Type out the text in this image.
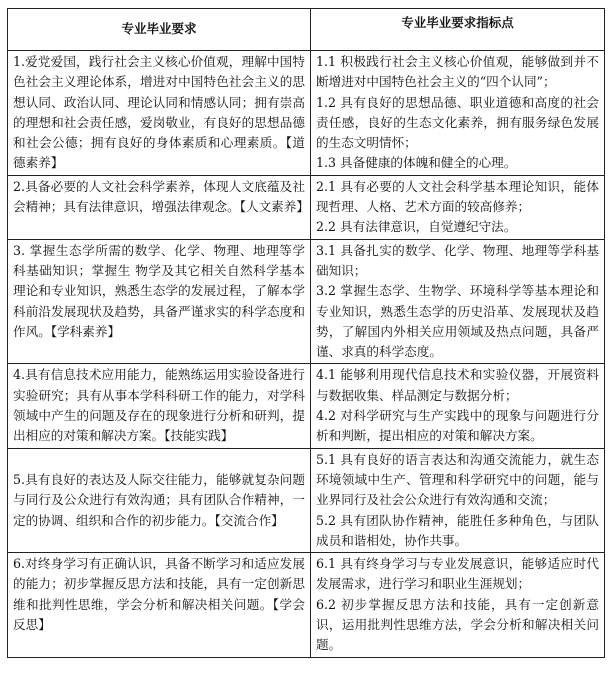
专业毕业要求	专业毕业要求指标点
1.爱党爱国，践行社会主义核心价值观，理解中国特色社会主义理论体系，增进对中国特色社会主义的思想认同、政治认同、理论认同和情感认同；拥有崇高的理想和社会责任感，爱岗敬业，有良好的思想品德和社会公德；拥有良好的身体素质和心理素质。【道德素养】	1.1 积极践行社会主义核心价值观，能够做到并不断增进对中国特色社会主义的“四个认同”；

1.2 具有良好的思想品德、职业道德和高度的社会责任感，良好的生态文化素养，拥有服务绿色发展的生态文明情怀；

1.3 具备健康的体魄和健全的心理。

2.具备必要的人文社会科学素养，体现人文底蕴及社会精神；具有法律意识，增强法律观念。【人文素养】	2.1 具有必要的人文社会科学基本理论知识，能体现哲理、人格、艺术方面的较高修养；

2.2 具有法律意识，自觉遵纪守法。

3. 掌握生态学所需的数学、化学、物理、地理等学科基础知识；掌握生 物学及其它相关自然科学基本理论和专业知识，熟悉生态学的发展过程，了解本学科前沿发展现状及趋势，具备严谨求实的科学态度和作风。【学科素养】	3.1 具备扎实的数学、化学、物理、地理等学科基础知识；

3.2 掌握生态学、生物学、环境科学等基本理论和专业知识，熟悉生态学的历史沿革、发展现状及趋势，了解国内外相关应用领域及热点问题，具备严谨、求真的科学态度。

4.具有信息技术应用能力，能熟练运用实验设备进行实验研究；具有从事本学科科研工作的能力，对学科领域中产生的问题及存在的现象进行分析和研判，提出相应的对策和解决方案。【技能实践】	4.1 能够利用现代信息技术和实验仪器，开展资料与数据收集、样品测定与数据分析；

4.2 对科学研究与生产实践中的现象与问题进行分析和判断，提出相应的对策和解决方案。

5.具有良好的表达及人际交往能力，能够就复杂问题与同行及公众进行有效沟通；具有团队合作精神，一定的协调、组织和合作的初步能力。【交流合作】	5.1 具有良好的语言表达和沟通交流能力，就生态环境领域中生产、管理和科学研究中的问题，能与业界同行及社会公众进行有效沟通和交流；

5.2 具有团队协作精神，能胜任多种角色，与团队成员和谐相处，协作共事。

6.对终身学习有正确认识，具备不断学习和适应发展的能力；初步掌握反思方法和技能，具有一定创新思维和批判性思维，学会分析和解决相关问题。【学会反思】	6.1 具有终身学习与专业发展意识，能够适应时代发展需求，进行学习和职业生涯规划；

6.2 初步掌握反思方法和技能，具有一定创新意识，运用批判性思维方法，学会分析和解决相关问题。
